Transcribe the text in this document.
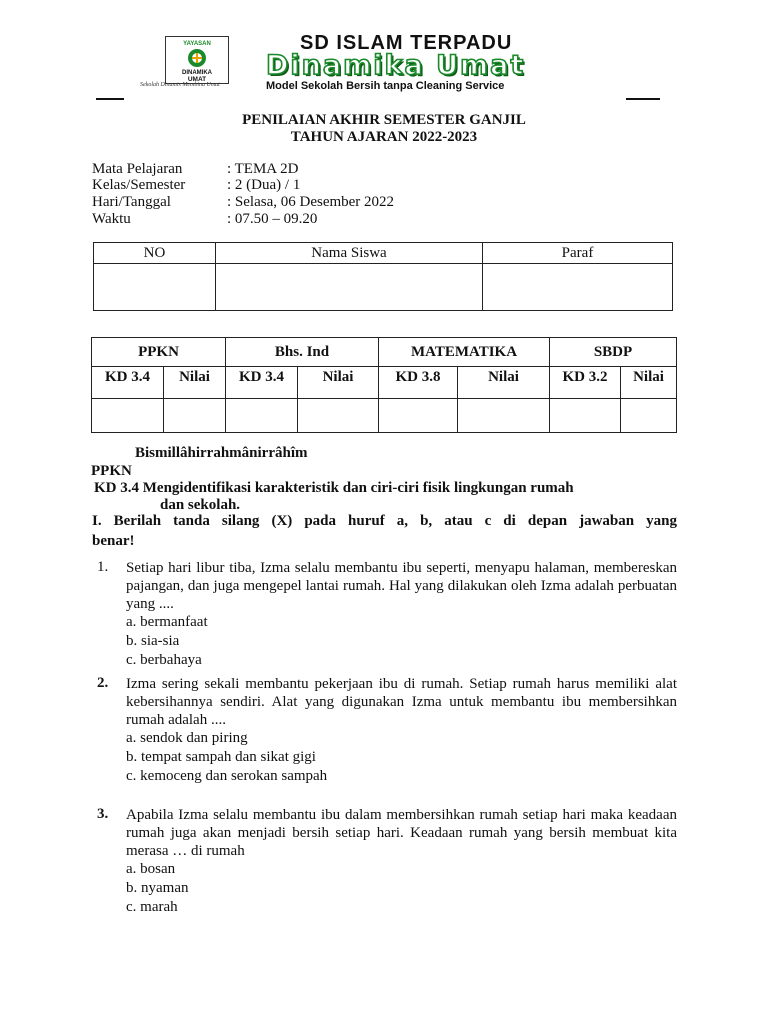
YAYASAN
DINAMIKA
UMAT
Sekolah Dinamis Membina Umat
SD ISLAM TERPADU
Dinamika Umat
Model Sekolah Bersih tanpa Cleaning Service
PENILAIAN AKHIR SEMESTER GANJIL
TAHUN AJARAN 2022-2023
Mata Pelajaran	: TEMA 2D
Kelas/Semester	: 2 (Dua) / 1
Hari/Tanggal	: Selasa, 06 Desember 2022
Waktu	: 07.50 – 09.20
NO	Nama Siswa	Paraf

PPKN		Bhs. Ind		MATEMATIKA		SBDP	
KD 3.4	Nilai	KD 3.4	Nilai	KD 3.8	Nilai	KD 3.2	Nilai

Bismillâhirrahmânirrâhîm
PPKN
KD 3.4 Mengidentifikasi karakteristik dan ciri-ciri fisik lingkungan rumah
dan sekolah.
I. Berilah tanda silang (X) pada huruf a, b, atau c di depan jawaban yang
benar!
1. Setiap hari libur tiba, Izma selalu membantu ibu seperti, menyapu halaman, membereskan pajangan, dan juga mengepel lantai rumah. Hal yang dilakukan oleh Izma adalah perbuatan yang ....
a. bermanfaat
b. sia-sia
c. berbahaya
2. Izma sering sekali membantu pekerjaan ibu di rumah. Setiap rumah harus memiliki alat kebersihannya sendiri. Alat yang digunakan Izma untuk membantu ibu membersihkan rumah adalah ....
a. sendok dan piring
b. tempat sampah dan sikat gigi
c. kemoceng dan serokan sampah
3. Apabila Izma selalu membantu ibu dalam membersihkan rumah setiap hari maka keadaan rumah juga akan menjadi bersih setiap hari. Keadaan rumah yang bersih membuat kita merasa … di rumah
a. bosan
b. nyaman
c. marah
